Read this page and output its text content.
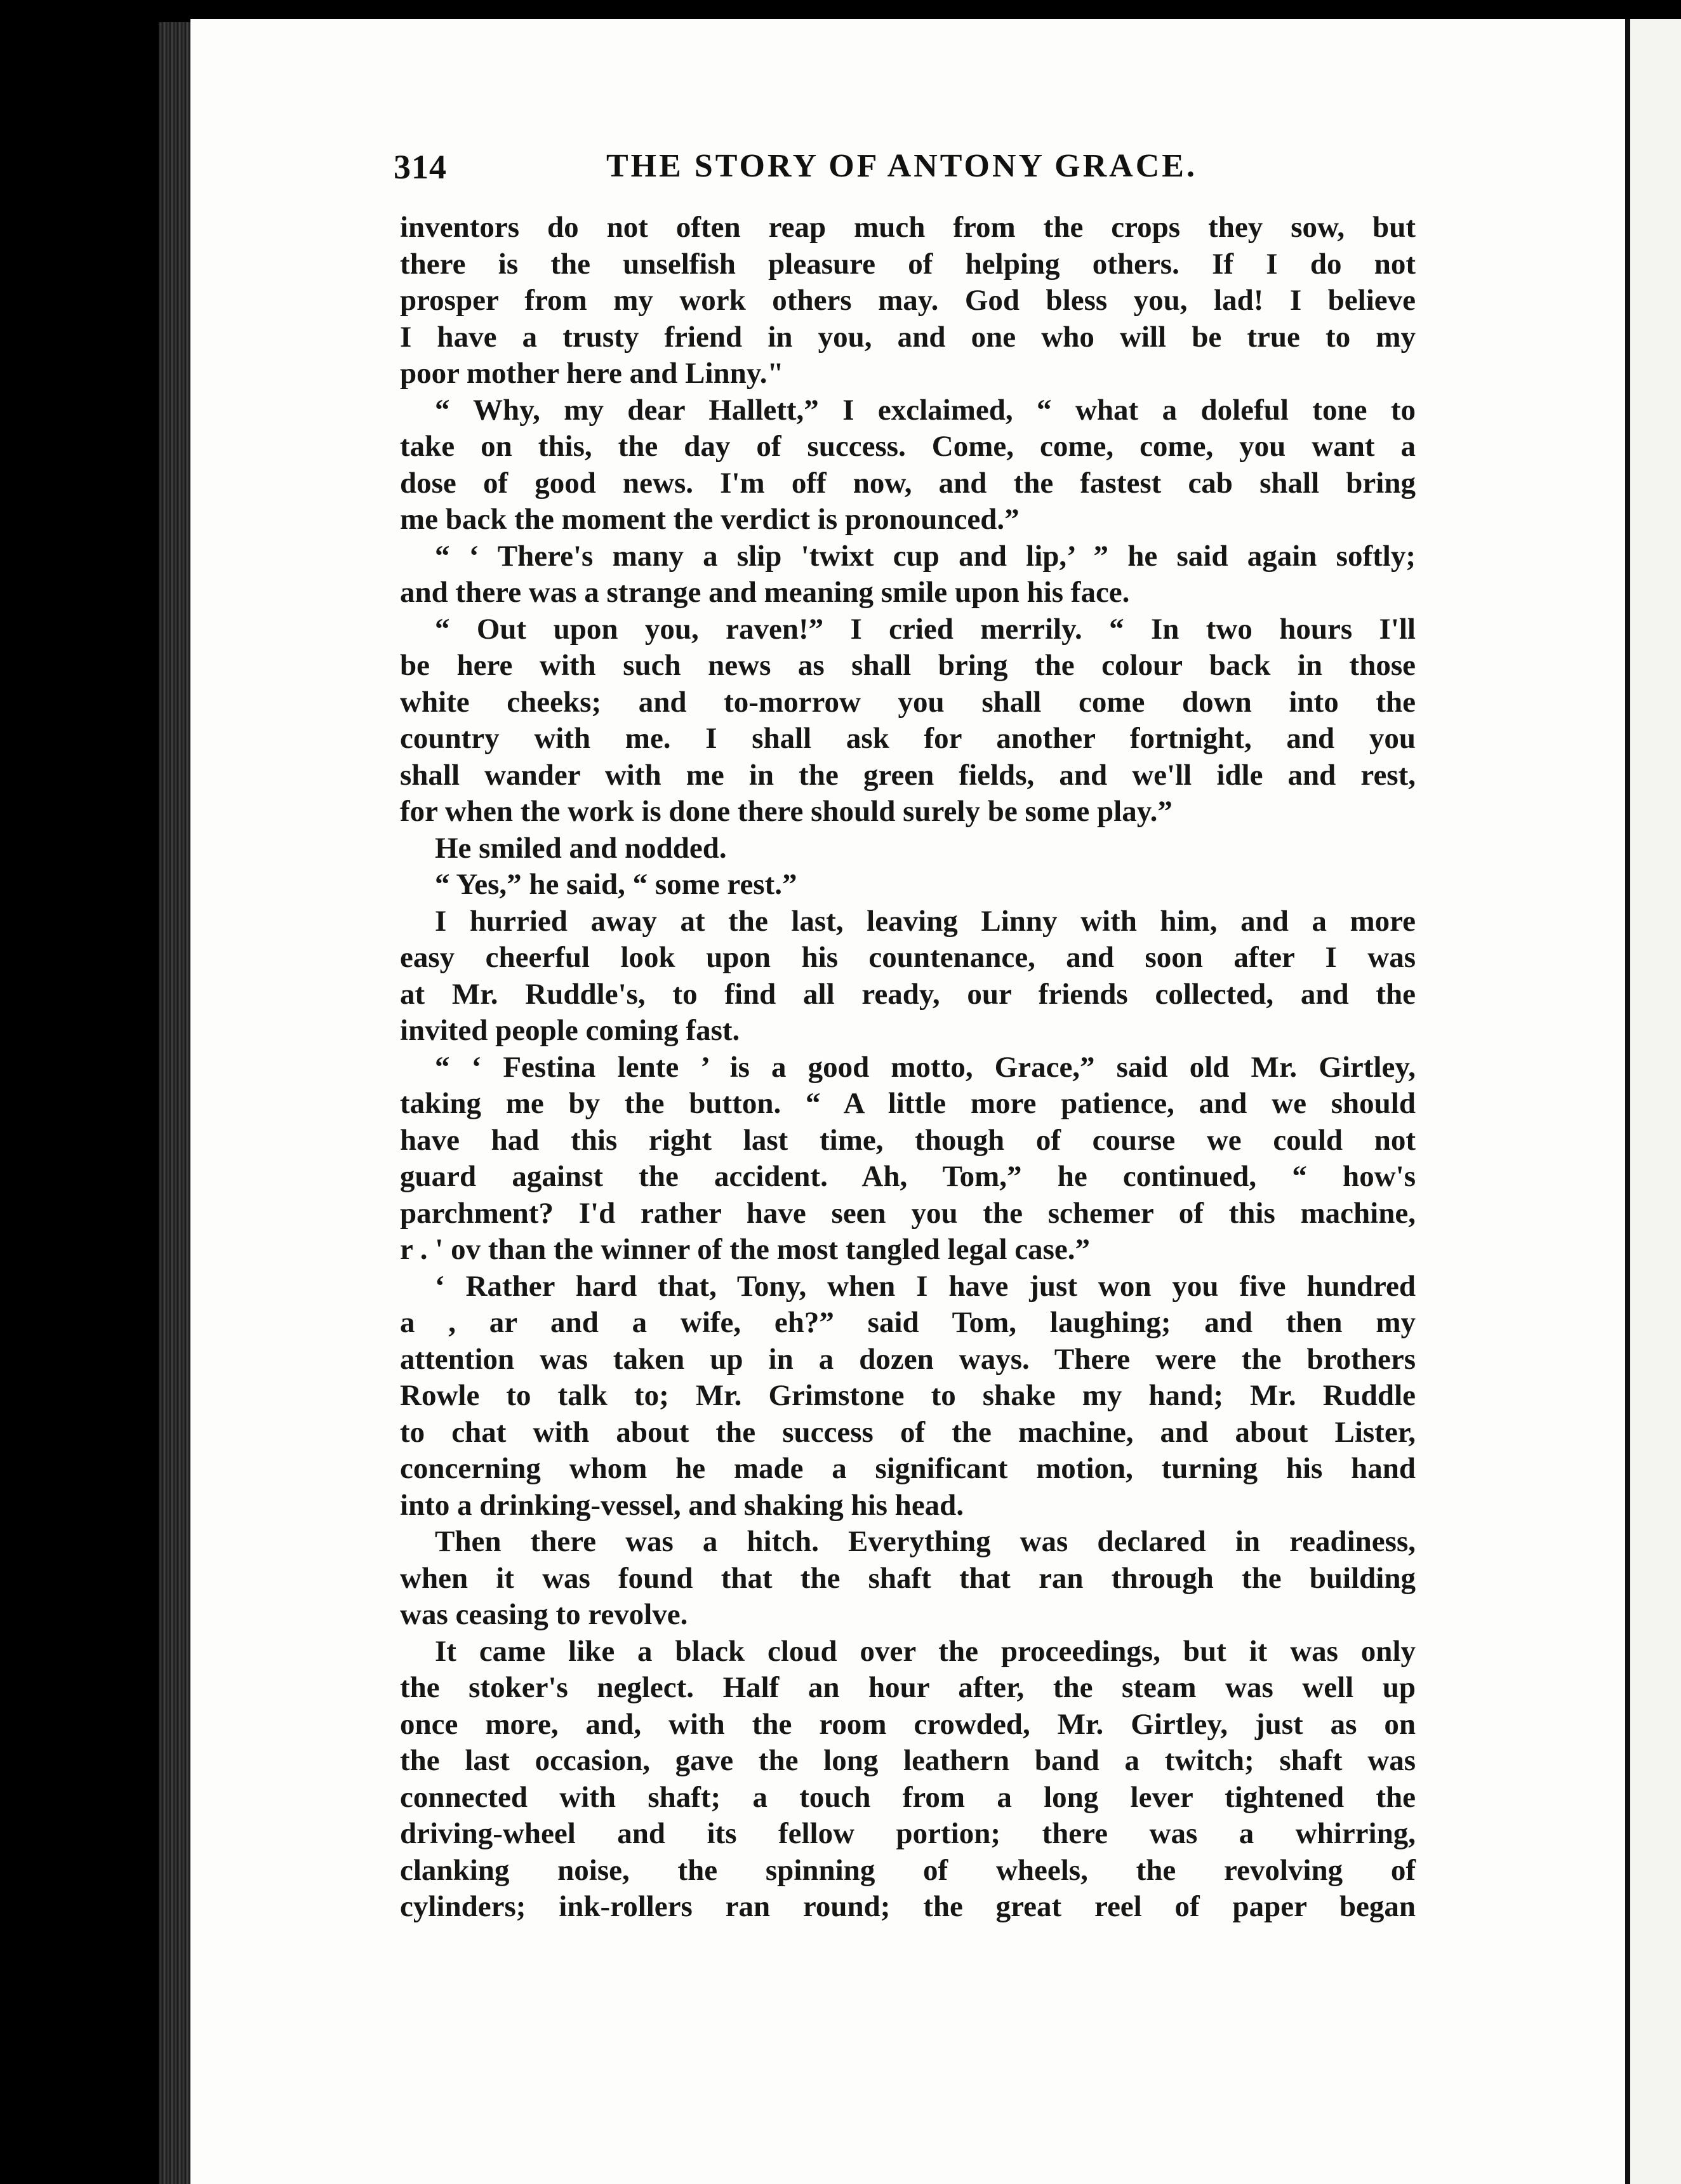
314	THE STORY OF ANTONY GRACE.
inventors do not often reap much from the crops they sow, but
there is the unselfish pleasure of helping others. If I do not
prosper from my work others may. God bless you, lad! I believe
I have a trusty friend in you, and one who will be true to my
poor mother here and Linny."
“ Why, my dear Hallett,” I exclaimed, “ what a doleful tone to
take on this, the day of success. Come, come, come, you want a
dose of good news. I'm off now, and the fastest cab shall bring
me back the moment the verdict is pronounced.”
“ ‘ There's many a slip 'twixt cup and lip,’ ” he said again softly;
and there was a strange and meaning smile upon his face.
“ Out upon you, raven!” I cried merrily. “ In two hours I'll
be here with such news as shall bring the colour back in those
white cheeks; and to-morrow you shall come down into the
country with me. I shall ask for another fortnight, and you
shall wander with me in the green fields, and we'll idle and rest,
for when the work is done there should surely be some play.”
He smiled and nodded.
“ Yes,” he said, “ some rest.”
I hurried away at the last, leaving Linny with him, and a more
easy cheerful look upon his countenance, and soon after I was
at Mr. Ruddle's, to find all ready, our friends collected, and the
invited people coming fast.
“ ‘ Festina lente ’ is a good motto, Grace,” said old Mr. Girtley,
taking me by the button. “ A little more patience, and we should
have had this right last time, though of course we could not
guard against the accident. Ah, Tom,” he continued, “ how's
parchment? I'd rather have seen you the schemer of this machine,
r . ' ov than the winner of the most tangled legal case.”
‘ Rather hard that, Tony, when I have just won you five hundred
a , ar and a wife, eh?” said Tom, laughing; and then my
attention was taken up in a dozen ways. There were the brothers
Rowle to talk to; Mr. Grimstone to shake my hand; Mr. Ruddle
to chat with about the success of the machine, and about Lister,
concerning whom he made a significant motion, turning his hand
into a drinking-vessel, and shaking his head.
Then there was a hitch. Everything was declared in readiness,
when it was found that the shaft that ran through the building
was ceasing to revolve.
It came like a black cloud over the proceedings, but it was only
the stoker's neglect. Half an hour after, the steam was well up
once more, and, with the room crowded, Mr. Girtley, just as on
the last occasion, gave the long leathern band a twitch; shaft was
connected with shaft; a touch from a long lever tightened the
driving-wheel and its fellow portion; there was a whirring,
clanking noise, the spinning of wheels, the revolving of
cylinders; ink-rollers ran round; the great reel of paper began
